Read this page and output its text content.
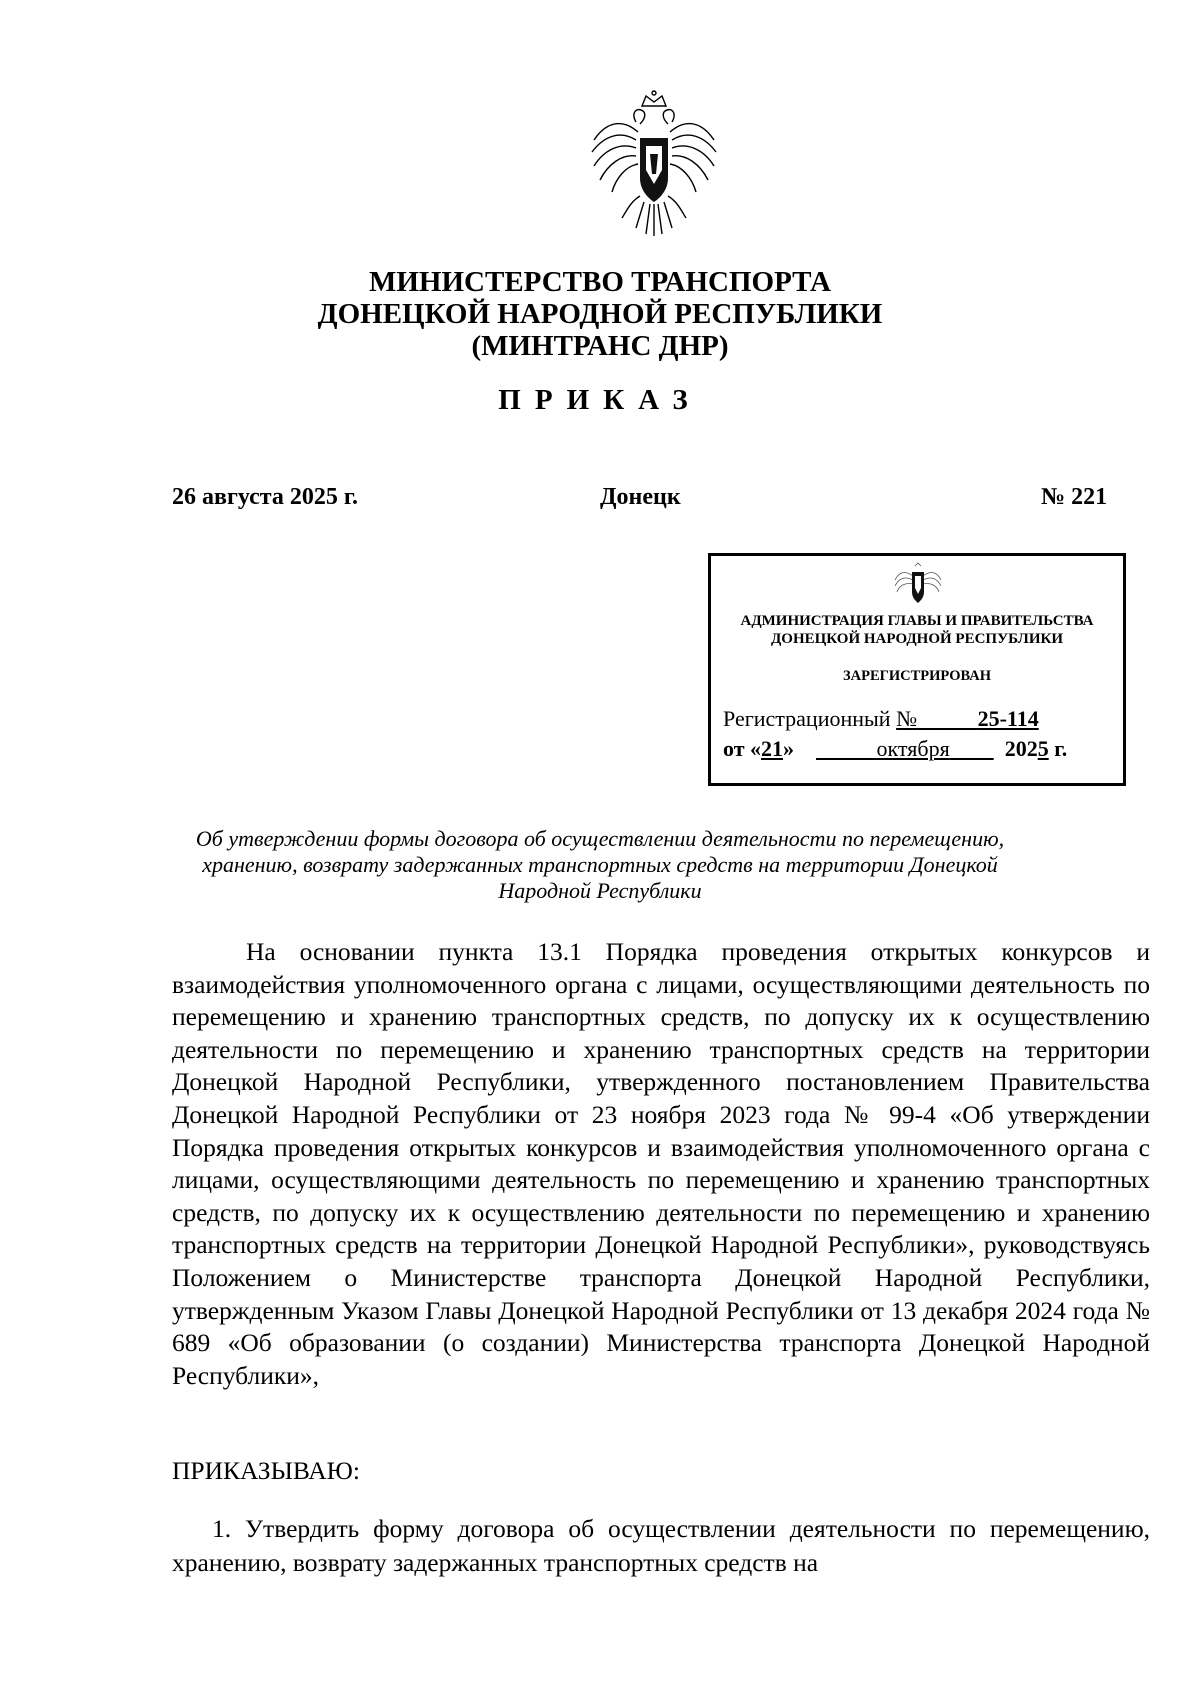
МИНИСТЕРСТВО ТРАНСПОРТА
ДОНЕЦКОЙ НАРОДНОЙ РЕСПУБЛИКИ
(МИНТРАНС ДНР)
ПРИКАЗ
26 августа 2025 г.	Донецк	№ 221
АДМИНИСТРАЦИЯ ГЛАВЫ И ПРАВИТЕЛЬСТВА
ДОНЕЦКОЙ НАРОДНОЙ РЕСПУБЛИКИ
ЗАРЕГИСТРИРОВАН
Регистрационный №	25-114
от «21»	октября	2025 г.
Об утверждении формы договора об осуществлении деятельности по перемещению, хранению, возврату задержанных транспортных средств на территории Донецкой Народной Республики

На основании пункта 13.1 Порядка проведения открытых конкурсов и взаимодействия уполномоченного органа с лицами, осуществляющими деятельность по перемещению и хранению транспортных средств, по допуску их к осуществлению деятельности по перемещению и хранению транспортных средств на территории Донецкой Народной Республики, утвержденного постановлением Правительства Донецкой Народной Республики от 23 ноября 2023 года № 99-4 «Об утверждении Порядка проведения открытых конкурсов и взаимодействия уполномоченного органа с лицами, осуществляющими деятельность по перемещению и хранению транспортных средств, по допуску их к осуществлению деятельности по перемещению и хранению транспортных средств на территории Донецкой Народной Республики», руководствуясь Положением о Министерстве транспорта Донецкой Народной Республики, утвержденным Указом Главы Донецкой Народной Республики от 13 декабря 2024 года № 689 «Об образовании (о создании) Министерства транспорта Донецкой Народной Республики»,

ПРИКАЗЫВАЮ:
1. Утвердить форму договора об осуществлении деятельности по перемещению, хранению, возврату задержанных транспортных средств на
